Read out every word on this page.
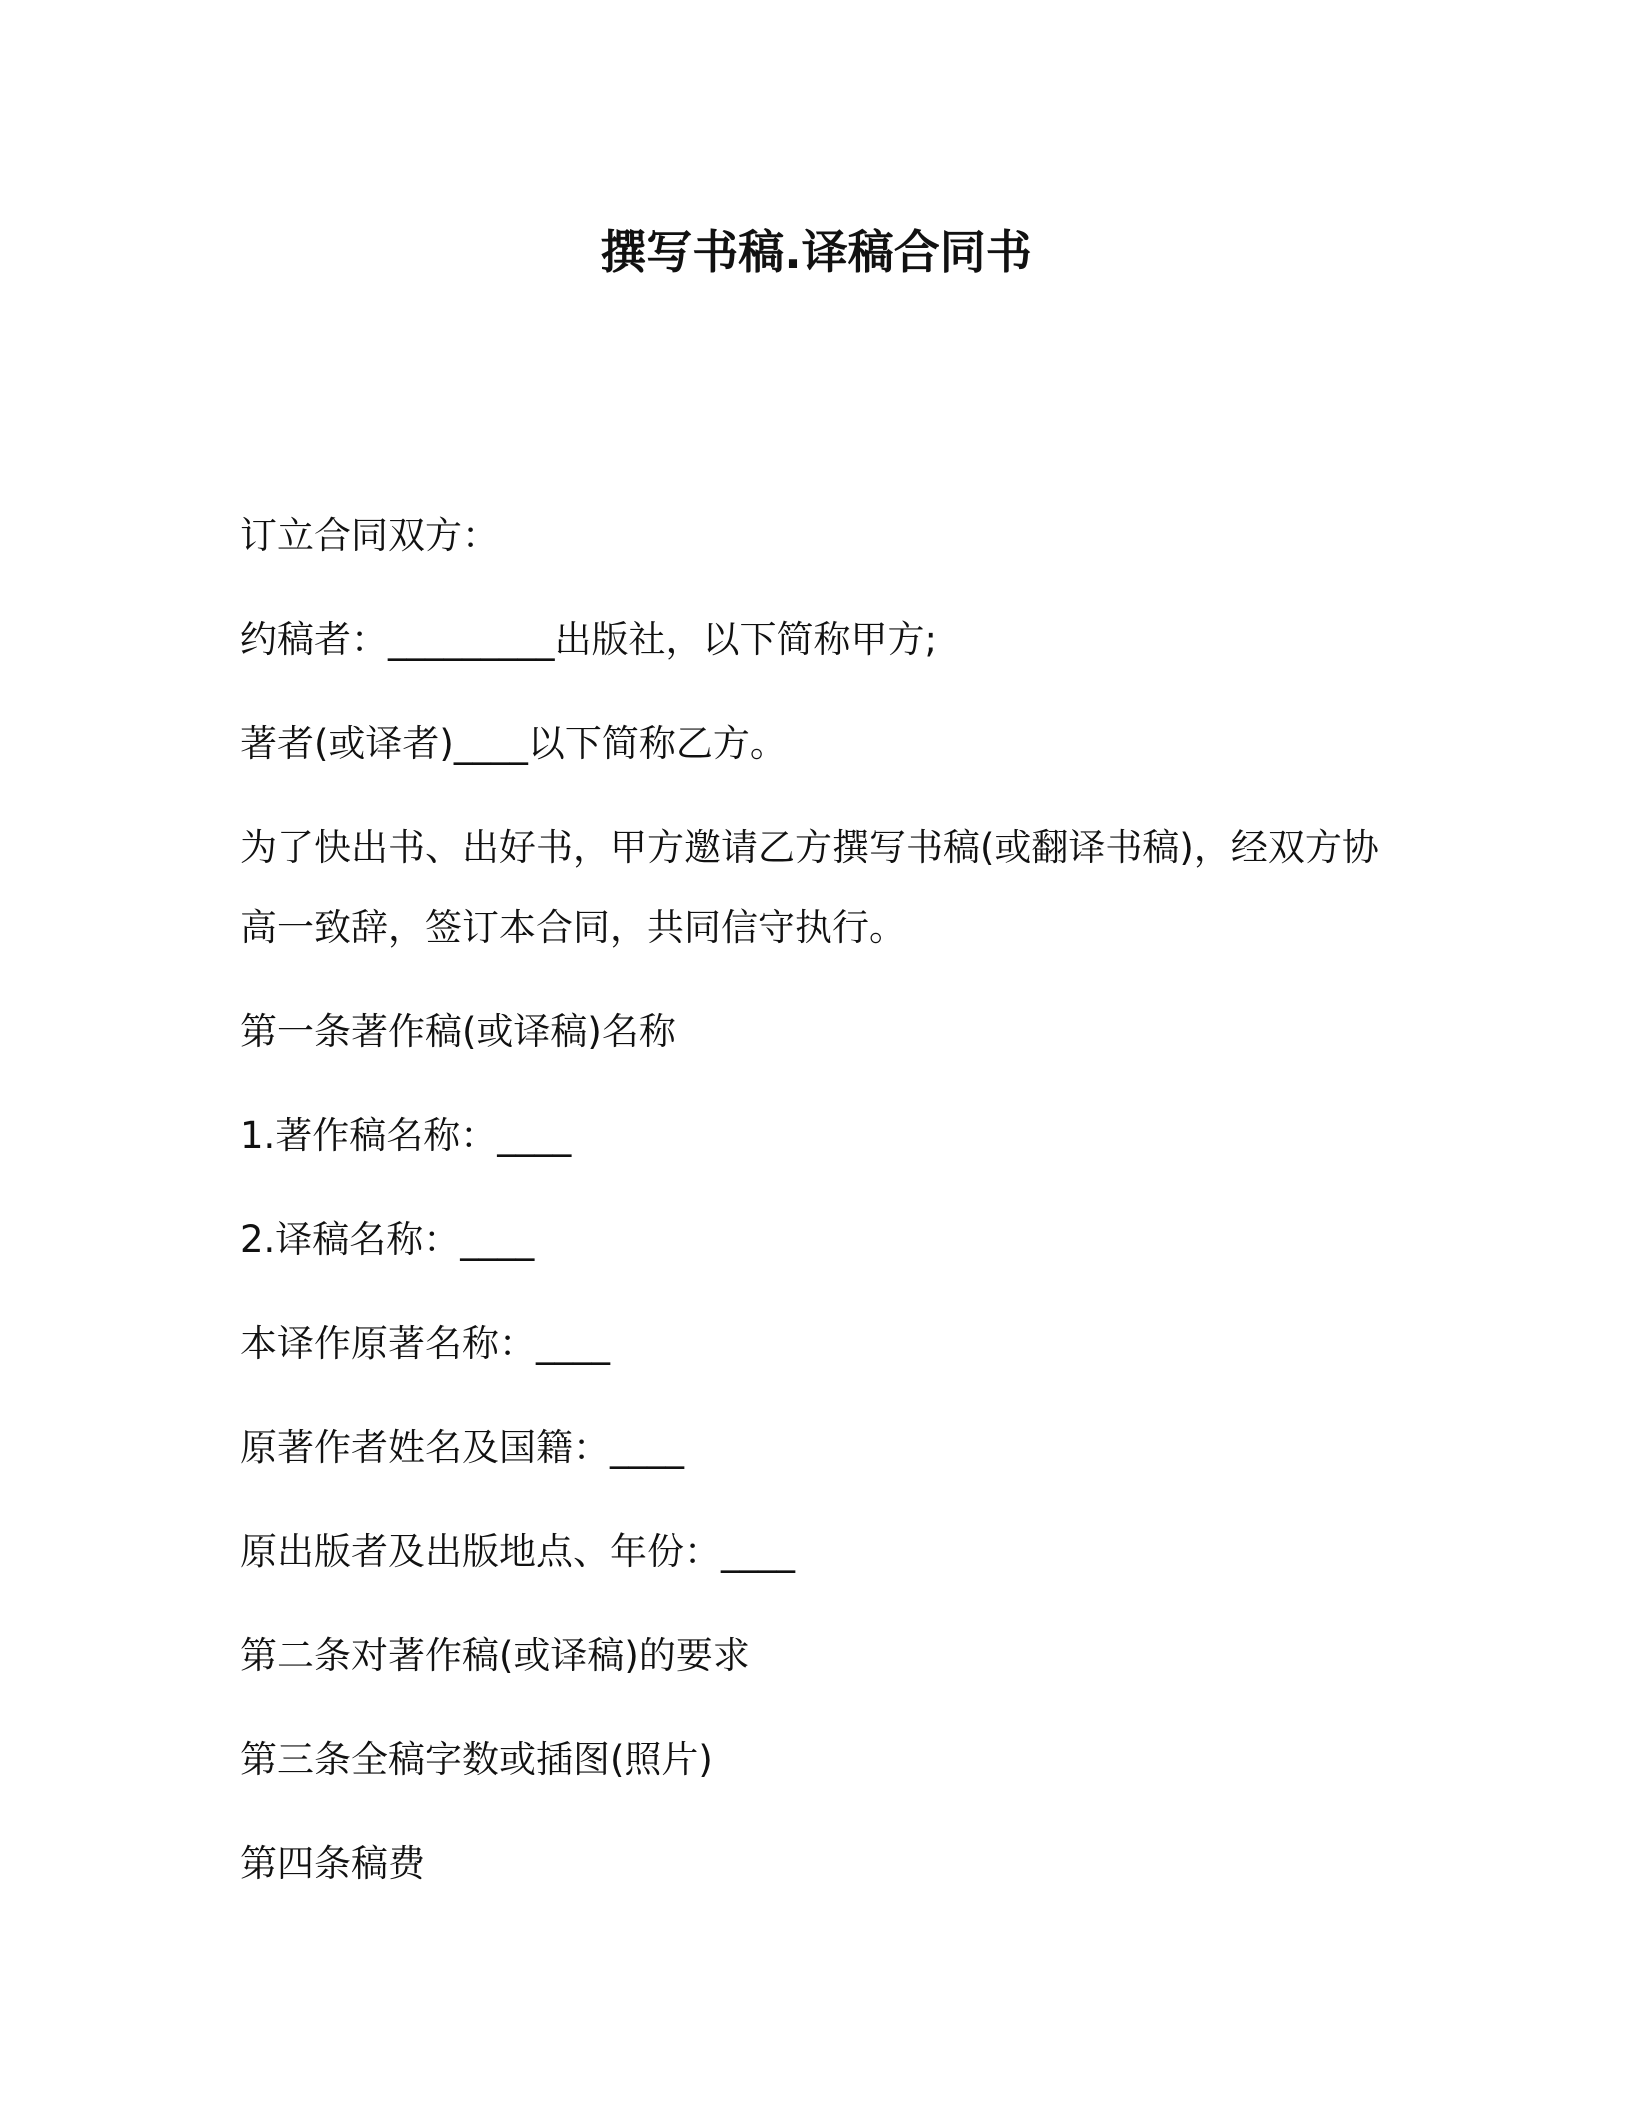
撰写书稿.译稿合同书
订立合同双方：
约稿者：_________出版社，以下简称甲方;
著者(或译者)____以下简称乙方。
为了快出书、出好书，甲方邀请乙方撰写书稿(或翻译书稿)，经双方协高一致辞，签订本合同，共同信守执行。
第一条著作稿(或译稿)名称
1.著作稿名称：____
2.译稿名称：____
本译作原著名称：____
原著作者姓名及国籍：____
原出版者及出版地点、年份：____
第二条对著作稿(或译稿)的要求
第三条全稿字数或插图(照片)
第四条稿费
